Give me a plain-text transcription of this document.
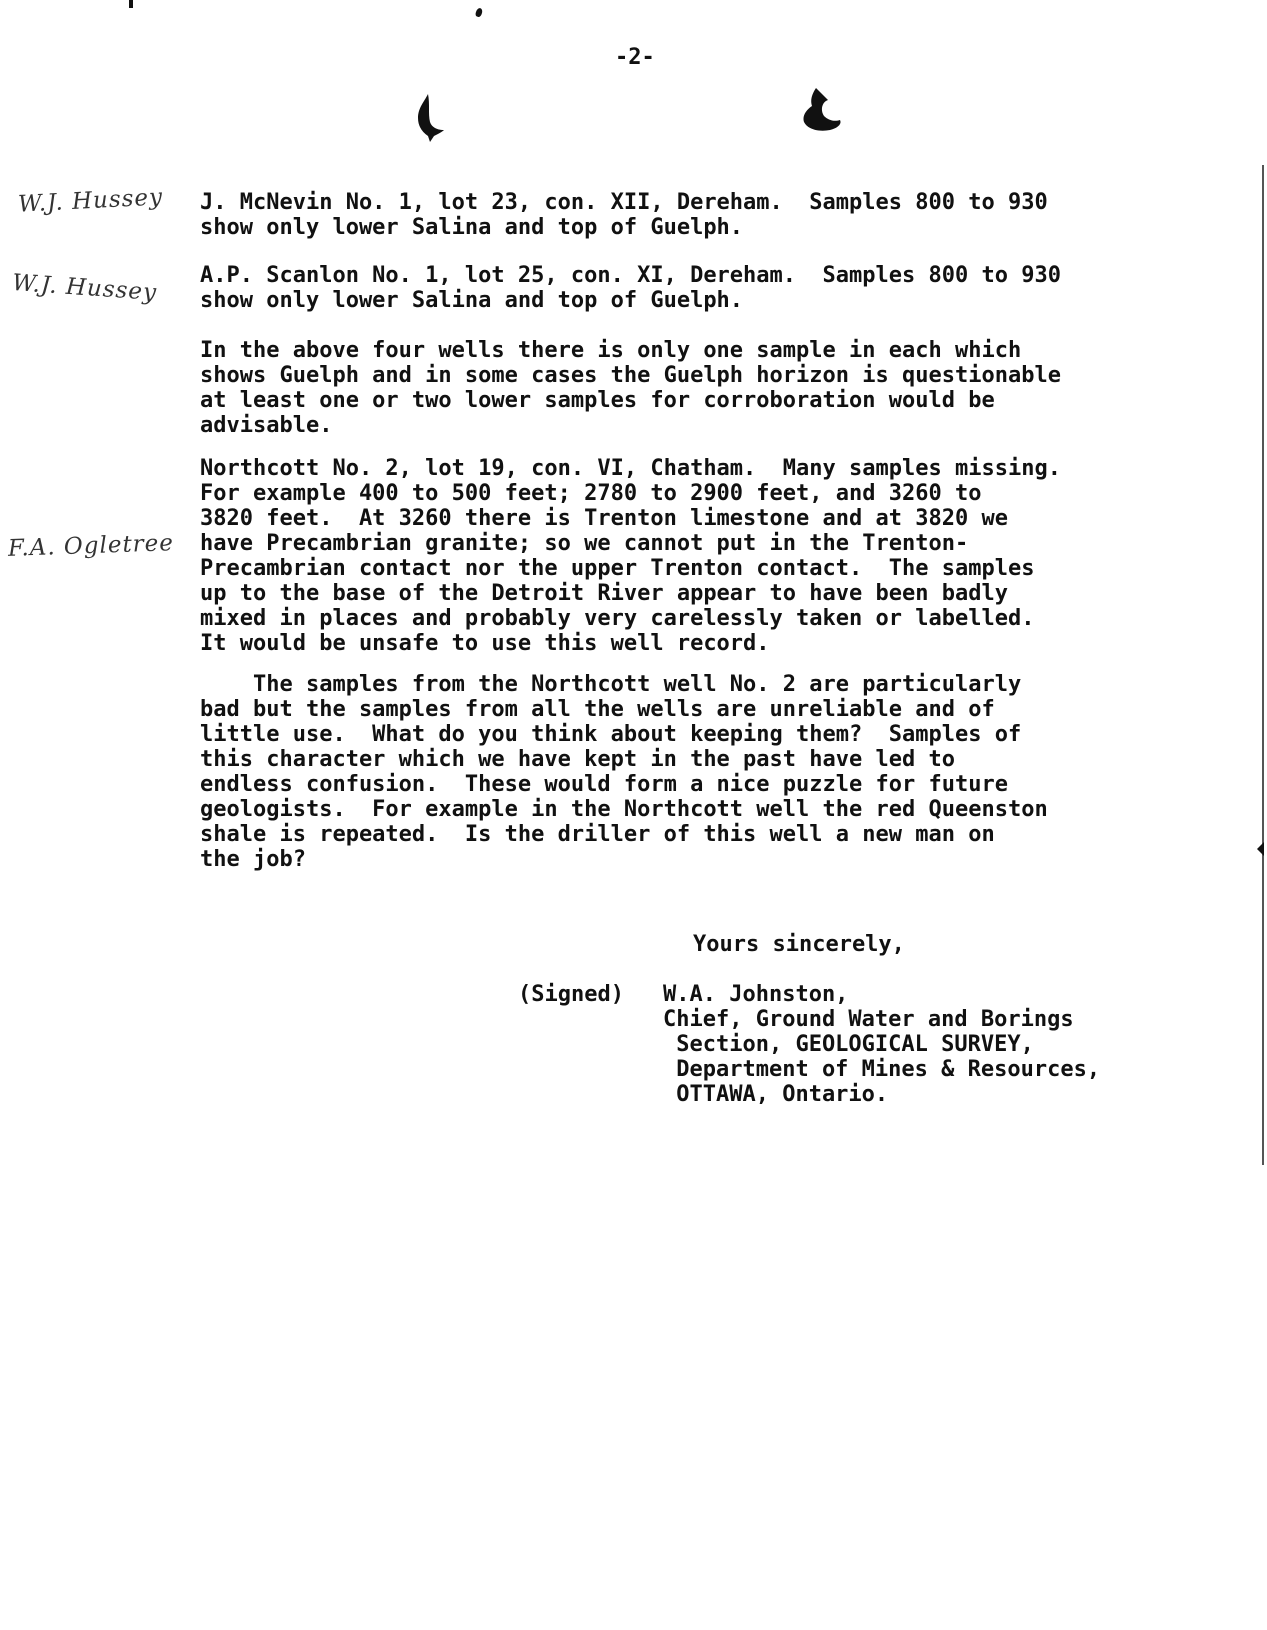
-2-

W.J. Hussey
W.J. Hussey
F.A. Ogletree

J. McNevin No. 1, lot 23, con. XII, Dereham.  Samples 800 to 930
show only lower Salina and top of Guelph.

A.P. Scanlon No. 1, lot 25, con. XI, Dereham.  Samples 800 to 930
show only lower Salina and top of Guelph.

In the above four wells there is only one sample in each which
shows Guelph and in some cases the Guelph horizon is questionable
at least one or two lower samples for corroboration would be
advisable.

Northcott No. 2, lot 19, con. VI, Chatham.  Many samples missing.
For example 400 to 500 feet; 2780 to 2900 feet, and 3260 to
3820 feet.  At 3260 there is Trenton limestone and at 3820 we
have Precambrian granite; so we cannot put in the Trenton-
Precambrian contact nor the upper Trenton contact.  The samples
up to the base of the Detroit River appear to have been badly
mixed in places and probably very carelessly taken or labelled.
It would be unsafe to use this well record.

The samples from the Northcott well No. 2 are particularly
bad but the samples from all the wells are unreliable and of
little use.  What do you think about keeping them?  Samples of
this character which we have kept in the past have led to
endless confusion.  These would form a nice puzzle for future
geologists.  For example in the Northcott well the red Queenston
shale is repeated.  Is the driller of this well a new man on
the job?

Yours sincerely,

(Signed) W.A. Johnston,
Chief, Ground Water and Borings
Section, GEOLOGICAL SURVEY,
Department of Mines & Resources,
OTTAWA, Ontario.
